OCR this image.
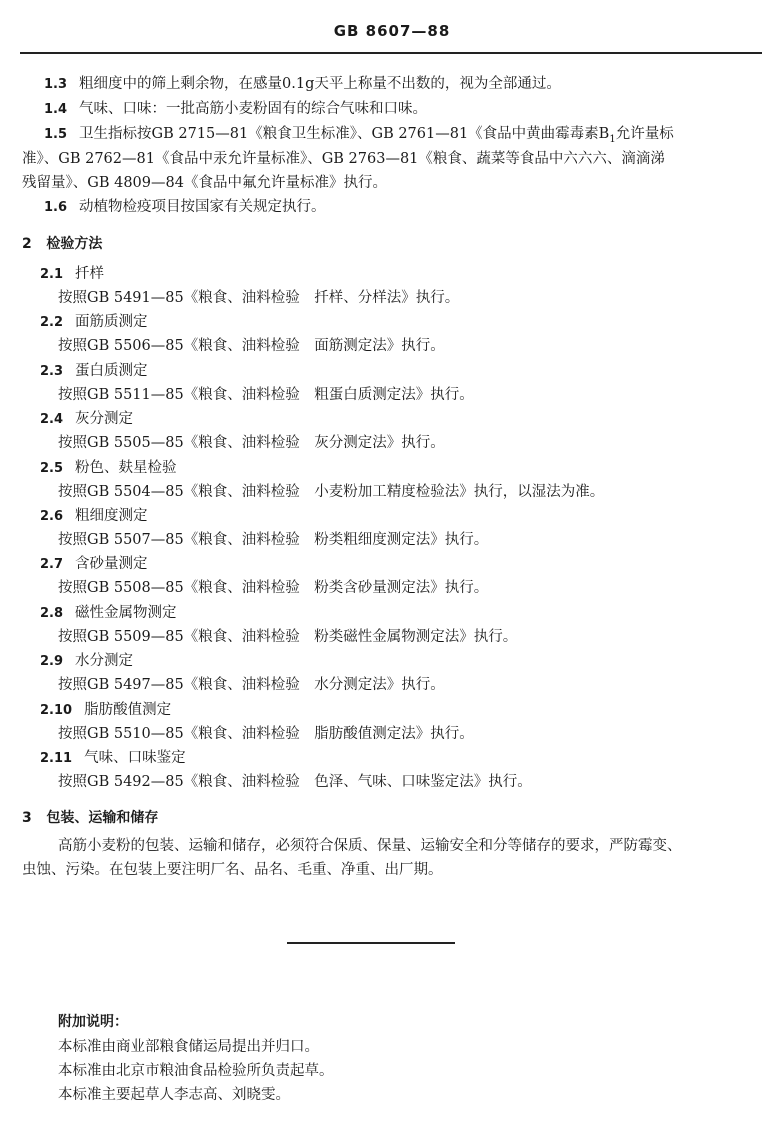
GB 8607—88
1.3 粗细度中的筛上剩余物，在感量0.1g天平上称量不出数的，视为全部通过。
1.4 气味、口味：一批高筋小麦粉固有的综合气味和口味。
1.5 卫生指标按GB 2715—81《粮食卫生标准》、GB 2761—81《食品中黄曲霉毒素$B_1$允许量标
准》、GB 2762—81《食品中汞允许量标准》、GB 2763—81《粮食、蔬菜等食品中六六六、滴滴涕
残留量》、GB 4809—84《食品中氟允许量标准》执行。
1.6 动植物检疫项目按国家有关规定执行。
2 检验方法
2.1 扦样
按照GB 5491—85《粮食、油料检验　扦样、分样法》执行。
2.2 面筋质测定
按照GB 5506—85《粮食、油料检验　面筋测定法》执行。
2.3 蛋白质测定
按照GB 5511—85《粮食、油料检验　粗蛋白质测定法》执行。
2.4 灰分测定
按照GB 5505—85《粮食、油料检验　灰分测定法》执行。
2.5 粉色、麸星检验
按照GB 5504—85《粮食、油料检验　小麦粉加工精度检验法》执行，以湿法为准。
2.6 粗细度测定
按照GB 5507—85《粮食、油料检验　粉类粗细度测定法》执行。
2.7 含砂量测定
按照GB 5508—85《粮食、油料检验　粉类含砂量测定法》执行。
2.8 磁性金属物测定
按照GB 5509—85《粮食、油料检验　粉类磁性金属物测定法》执行。
2.9 水分测定
按照GB 5497—85《粮食、油料检验　水分测定法》执行。
2.10 脂肪酸值测定
按照GB 5510—85《粮食、油料检验　脂肪酸值测定法》执行。
2.11 气味、口味鉴定
按照GB 5492—85《粮食、油料检验　色泽、气味、口味鉴定法》执行。
3 包装、运输和储存
高筋小麦粉的包装、运输和储存，必须符合保质、保量、运输安全和分等储存的要求，严防霉变、
虫蚀、污染。在包装上要注明厂名、品名、毛重、净重、出厂期。
附加说明：
本标准由商业部粮食储运局提出并归口。
本标准由北京市粮油食品检验所负责起草。
本标准主要起草人李志高、刘晓雯。
